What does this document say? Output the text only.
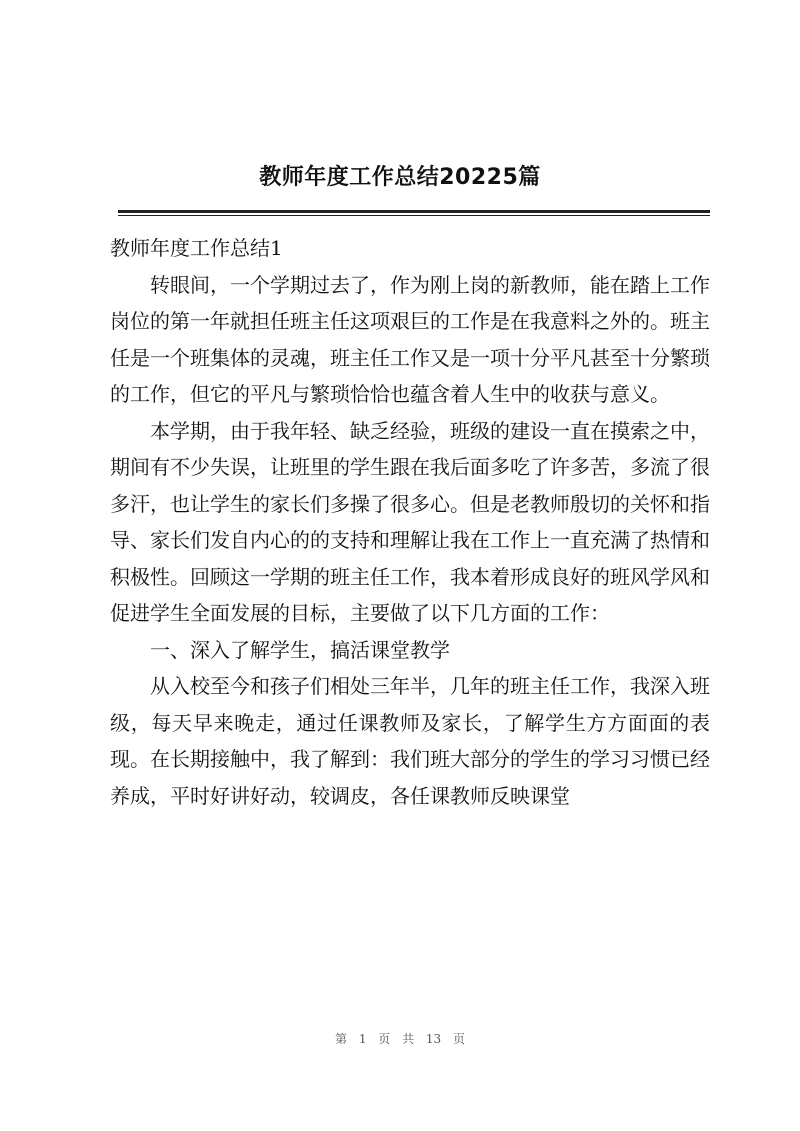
教师年度工作总结20225篇

教师年度工作总结1

转眼间，一个学期过去了，作为刚上岗的新教师，能在踏上工作岗位的第一年就担任班主任这项艰巨的工作是在我意料之外的。班主任是一个班集体的灵魂，班主任工作又是一项十分平凡甚至十分繁琐的工作，但它的平凡与繁琐恰恰也蕴含着人生中的收获与意义。

本学期，由于我年轻、缺乏经验，班级的建设一直在摸索之中，期间有不少失误，让班里的学生跟在我后面多吃了许多苦，多流了很多汗，也让学生的家长们多操了很多心。但是老教师殷切的关怀和指导、家长们发自内心的的支持和理解让我在工作上一直充满了热情和积极性。回顾这一学期的班主任工作，我本着形成良好的班风学风和促进学生全面发展的目标，主要做了以下几方面的工作：

一、深入了解学生，搞活课堂教学

从入校至今和孩子们相处三年半，几年的班主任工作，我深入班级，每天早来晚走，通过任课教师及家长，了解学生方方面面的表现。在长期接触中，我了解到：我们班大部分的学生的学习习惯已经养成，平时好讲好动，较调皮，各任课教师反映课堂

第 1 页 共 13 页
